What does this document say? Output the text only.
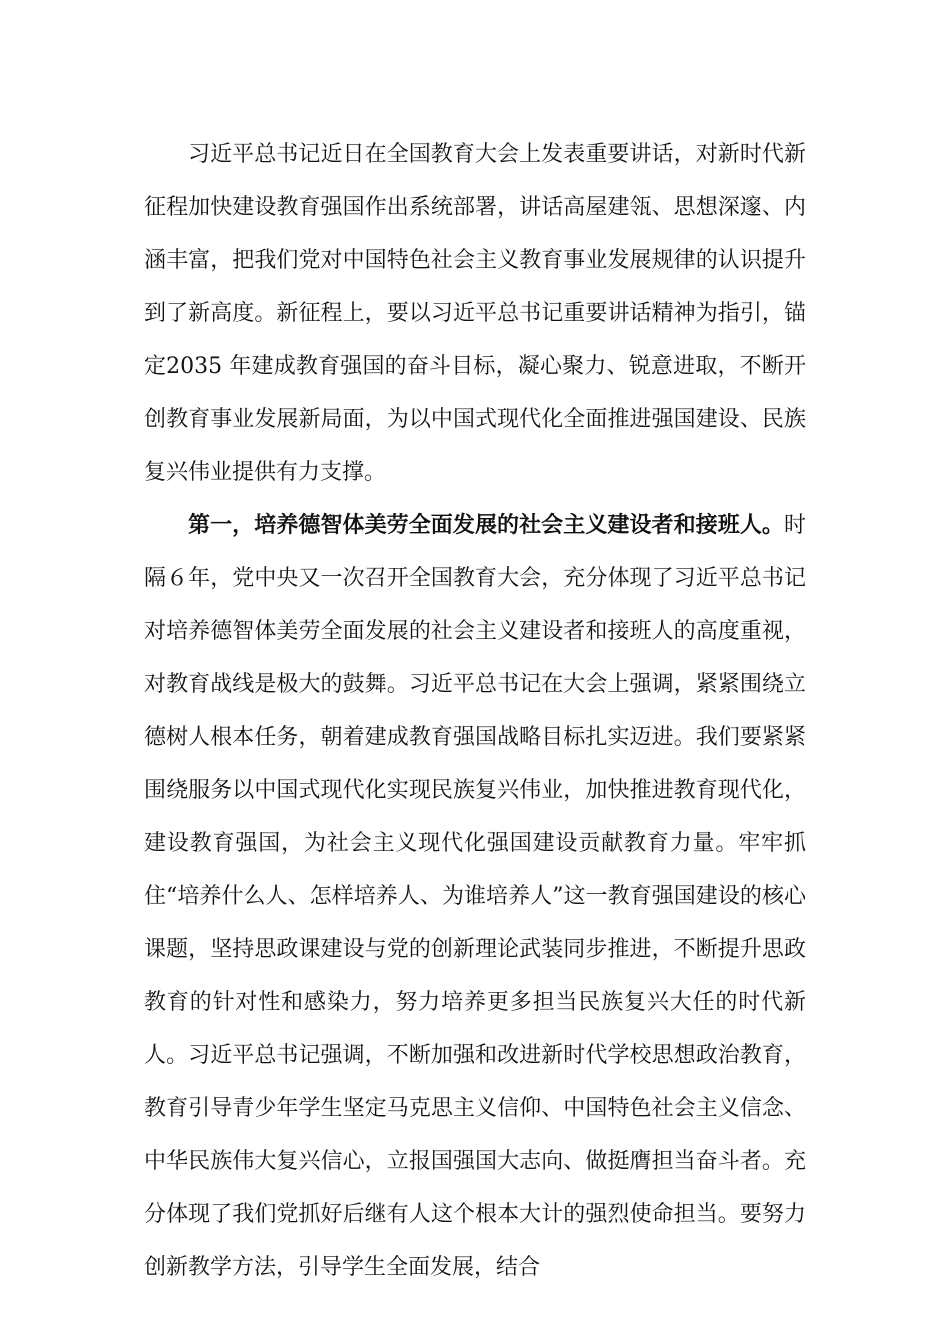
习近平总书记近日在全国教育大会上发表重要讲话，对新时代新征程加快建设教育强国作出系统部署，讲话高屋建瓴、思想深邃、内涵丰富，把我们党对中国特色社会主义教育事业发展规律的认识提升到了新高度。新征程上，要以习近平总书记重要讲话精神为指引，锚定2035 年建成教育强国的奋斗目标，凝心聚力、锐意进取，不断开创教育事业发展新局面，为以中国式现代化全面推进强国建设、民族复兴伟业提供有力支撑。

第一，培养德智体美劳全面发展的社会主义建设者和接班人。时隔６年，党中央又一次召开全国教育大会，充分体现了习近平总书记对培养德智体美劳全面发展的社会主义建设者和接班人的高度重视，对教育战线是极大的鼓舞。习近平总书记在大会上强调，紧紧围绕立德树人根本任务，朝着建成教育强国战略目标扎实迈进。我们要紧紧围绕服务以中国式现代化实现民族复兴伟业，加快推进教育现代化，建设教育强国，为社会主义现代化强国建设贡献教育力量。牢牢抓住“培养什么人、怎样培养人、为谁培养人”这一教育强国建设的核心课题，坚持思政课建设与党的创新理论武装同步推进，不断提升思政教育的针对性和感染力，努力培养更多担当民族复兴大任的时代新人。习近平总书记强调，不断加强和改进新时代学校思想政治教育，教育引导青少年学生坚定马克思主义信仰、中国特色社会主义信念、中华民族伟大复兴信心，立报国强国大志向、做挺膺担当奋斗者。充分体现了我们党抓好后继有人这个根本大计的强烈使命担当。要努力创新教学方法，引导学生全面发展，结合
